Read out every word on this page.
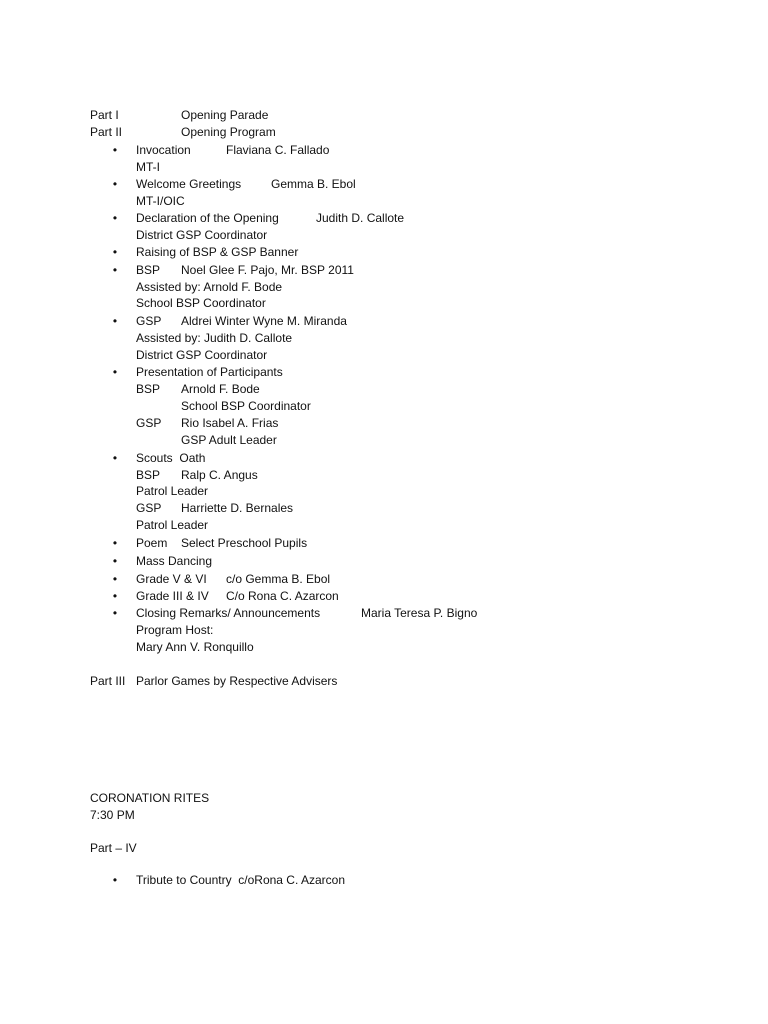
Part I	Opening Parade
Part II	Opening Program
• Invocation	Flaviana C. Fallado
MT-I
• Welcome Greetings Gemma B. Ebol
MT-I/OIC
• Declaration of the Opening	Judith D. Callote
District GSP Coordinator
• Raising of BSP & GSP Banner
• BSP Noel Glee F. Pajo, Mr. BSP 2011
Assisted by: Arnold F. Bode
School BSP Coordinator
• GSP Aldrei Winter Wyne M. Miranda
Assisted by: Judith D. Callote
District GSP Coordinator
• Presentation of Participants
BSP Arnold F. Bode
School BSP Coordinator
GSP Rio Isabel A. Frias
GSP Adult Leader
• Scouts  Oath
BSP Ralp C. Angus
Patrol Leader
GSP Harriette D. Bernales
Patrol Leader
• Poem Select Preschool Pupils
• Mass Dancing
• Grade V & VI c/o Gemma B. Ebol
• Grade III & IV C/o Rona C. Azarcon
• Closing Remarks/ Announcements	Maria Teresa P. Bigno
Program Host:
Mary Ann V. Ronquillo
Part III Parlor Games by Respective Advisers
CORONATION RITES
7:30 PM
Part – IV
• Tribute to Country  c/oRona C. Azarcon
